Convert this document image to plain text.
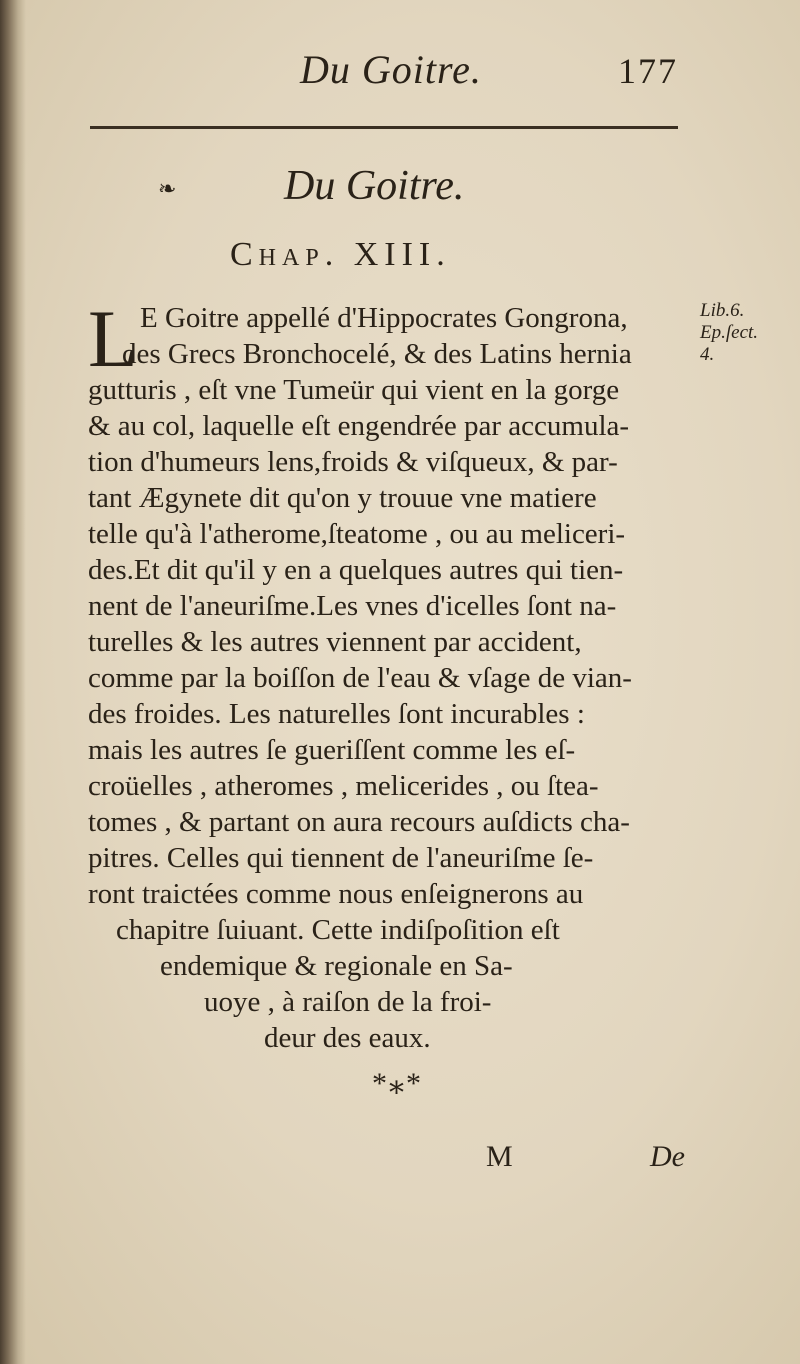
Du Goitre.	177
❧	Du Goitre.
Chap. XIII.
Lib.6.
Ep.ſect.
4.
L E Goitre appellé d'Hippocrates Gongrona,
des Grecs Bronchocelé, & des Latins hernia
gutturis , eſt vne Tumeür qui vient en la gorge
& au col, laquelle eſt engendrée par accumula-
tion d'humeurs lens,froids & viſqueux, & par-
tant Ægynete dit qu'on y trouue vne matiere
telle qu'à l'atherome,ſteatome , ou au meliceri-
des.Et dit qu'il y en a quelques autres qui tien-
nent de l'aneuriſme.Les vnes d'icelles ſont na-
turelles & les autres viennent par accident,
comme par la boiſſon de l'eau & vſage de vian-
des froides. Les naturelles ſont incurables :
mais les autres ſe gueriſſent comme les eſ-
croüelles , atheromes , melicerides , ou ſtea-
tomes , & partant on aura recours auſdicts cha-
pitres. Celles qui tiennent de l'aneuriſme ſe-
ront traictées comme nous enſeignerons au
chapitre ſuiuant. Cette indiſpoſition eſt
endemique & regionale en Sa-
uoye , à raiſon de la froi-
deur des eaux.
*⁎*
M	De
